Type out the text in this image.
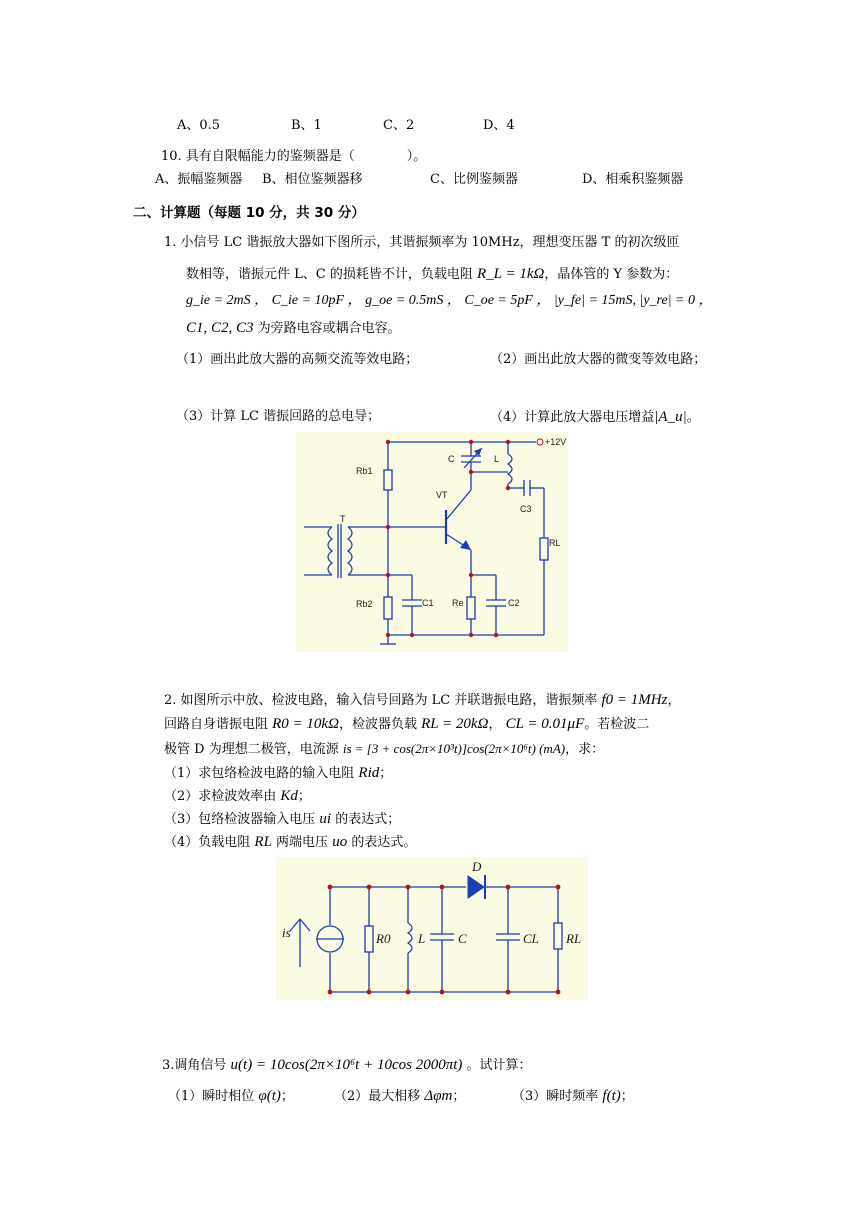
A、0.5	B、1	C、2	D、4
10. 具有自限幅能力的鉴频器是（　　　　）。
A、振幅鉴频器 B、相位鉴频器移	C、比例鉴频器	D、相乘积鉴频器
二、计算题（每题 10 分，共 30 分）
1. 小信号 LC 谐振放大器如下图所示，其谐振频率为 10MHz，理想变压器 T 的初次级匝
数相等，谐振元件 L、C 的损耗皆不计，负载电阻 R_L = 1kΩ，晶体管的 Y 参数为：
g_ie = 2mS ， C_ie = 10pF ， g_oe = 0.5mS ， C_oe = 5pF ， |y_fe| = 15mS, |y_re| = 0 ，
C1, C2, C3 为旁路电容或耦合电容。
（1）画出此放大器的高频交流等效电路；	（2）画出此放大器的微变等效电路；
（3）计算 LC 谐振回路的总电导；	（4）计算此放大器电压增益|A_u|。
+12V
Rb1
Rb2
T
C	L
VT
C3
RL
C1 Re	C2
2. 如图所示中放、检波电路，输入信号回路为 LC 并联谐振电路，谐振频率 f0 = 1MHz，
回路自身谐振电阻 R0 = 10kΩ，检波器负载 RL = 20kΩ， CL = 0.01μF。若检波二
极管 D 为理想二极管，电流源 is = [3 + cos(2π×10³t)]cos(2π×10⁶t) (mA)，求：
（1）求包络检波电路的输入电阻 Rid；
（2）求检波效率由 Kd；
（3）包络检波器输入电压 ui 的表达式；
（4）负载电阻 RL 两端电压 uo 的表达式。
is	R0 L	C
D
CL RL
3.调角信号 u(t) = 10cos(2π×10⁶t + 10cos 2000πt) 。试计算：
（1）瞬时相位 φ(t)；	（2）最大相移 Δφm；	（3）瞬时频率 f(t)；
